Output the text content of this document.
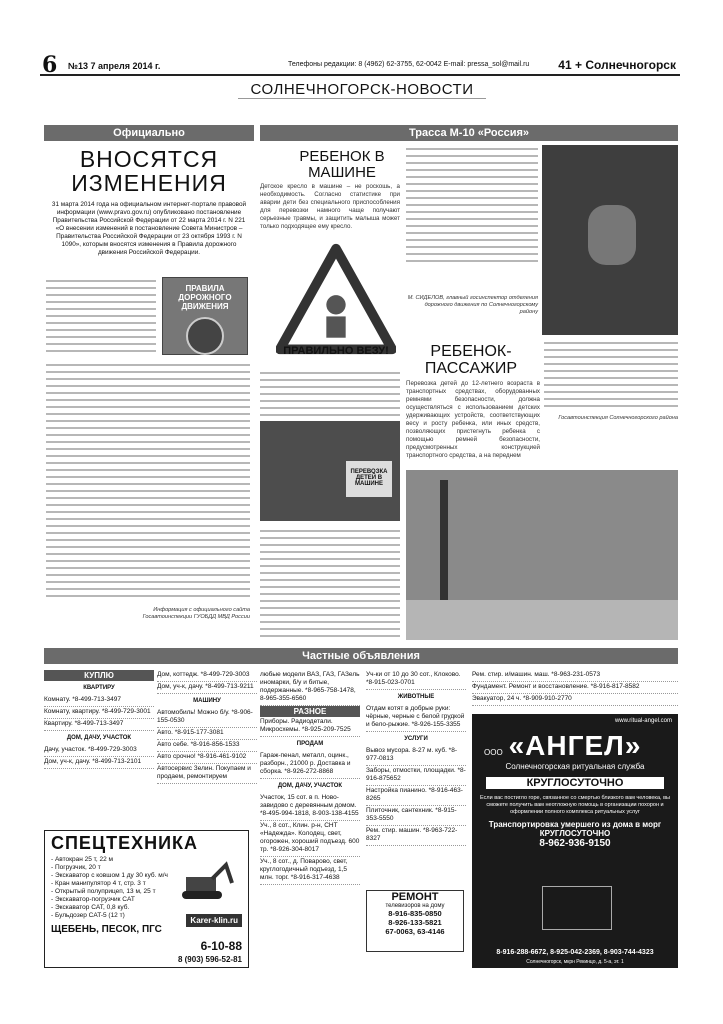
6 №13 7 апреля 2014 г.	Телефоны редакции: 8 (4962) 62-3755, 62-0042 E-mail: pressa_sol@mail.ru 41 + Солнечногорск
СОЛНЕЧНОГОРСК-НОВОСТИ
Официально
ВНОСЯТСЯ ИЗМЕНЕНИЯ
31 марта 2014 года на официальном интернет-портале правовой информации (www.pravo.gov.ru) опубликовано постановление Правительства Российской Федерации от 22 марта 2014 г. N 221 «О внесении изменений в постановление Совета Министров – Правительства Российской Федерации от 23 октября 1993 г. N 1090», которым вносятся изменения в Правила дорожного движения Российской Федерации.
ПРАВИЛА ДОРОЖНОГО ДВИЖЕНИЯ
Информация с официального сайта Госавтоинспекции ГУОБДД МВД России
Трасса М-10 «Россия»
РЕБЕНОК В МАШИНЕ
Детское кресло в машине – не роскошь, а необходимость. Согласно статистике при аварии дети без специального приспособления для перевозки намного чаще получают серьезные травмы, и защитить малыша может только подходящее ему кресло.
ПРАВИЛЬНО ВЕЗУ!
ПЕРЕВОЗКА ДЕТЕЙ В МАШИНЕ
М. СИДЕЛОВ, главный госинспектор отделения дорожного движения по Солнечногорскому району
РЕБЕНОК-ПАССАЖИР
Перевозка детей до 12-летнего возраста в транспортных средствах, оборудованных ремнями безопасности, должна осуществляться с использованием детских удерживающих устройств, соответствующих весу и росту ребенка, или иных средств, позволяющих пристегнуть ребенка с помощью ремней безопасности, предусмотренных конструкцией транспортного средства, а на переднем
Госавтоинспекция Солнечногорского района
Частные объявления
КУПЛЮ
КВАРТИРУ
Комнату. *8-499-713-3497
Комнату, квартиру. *8-499-729-3001
Квартиру. *8-499-713-3497
ДОМ, ДАЧУ, УЧАСТОК
Дачу, участок. *8-499-729-3003
Дом, уч-к, дачу. *8-499-713-2101
Дом, коттедж. *8-499-729-3003
Дом, уч-к, дачу. *8-499-713-9211
МАШИНУ
Автомобиль! Можно б/у. *8-906-155-0530
Авто. *8-915-177-3081
Авто себе. *8-916-856-1533
Авто срочно! *8-916-461-9102
Автосервис Зелин. Покупаем и продаем, ремонтируем
любые модели ВАЗ, ГАЗ, ГАЗель иномарки, б/у и битые, подержанные. *8-965-758-1478, 8-965-355-6560
РАЗНОЕ
Приборы. Радиодетали. Микросхемы. *8-925-209-7525
ПРОДАМ
Гараж-пенал, металл, оцинк., разборн., 21000 р. Доставка и сборка. *8-926-272-8868
ДОМ, ДАЧУ, УЧАСТОК
Участок, 15 сот. в п. Ново-завидово с деревянным домом. *8-495-994-1818, 8-903-138-4155
Уч., 8 сот., Клин. р-н, СНТ «Надежда». Колодец, свет, огорожен, хороший подъезд. 600 тр. *8-926-304-8017
Уч., 8 сот., д. Поварово, свет, круглогодичный подъезд, 1,5 млн. торг. *8-916-317-4638
Уч-ки от 10 до 30 сот., Клоково. *8-915-023-0701
ЖИВОТНЫЕ
Отдам котят в добрые руки: чёрные, черные с белой грудкой и бело-рыжие. *8-926-155-3355
УСЛУГИ
Вывоз мусора. 8-27 м. куб. *8-977-0813
Заборы, отмостки, площадки. *8-916-875652
Настройка пианино. *8-916-463-8265
Плиточник, сантехник. *8-915-353-5550
Рем. стир. машин. *8-963-722-8327
Рем. стир. и/машин. маш. *8-963-231-0573
Фундамент. Ремонт и восстановление. *8-916-817-8582
Эвакуатор, 24 ч. *8-909-910-2770
СПЕЦТЕХНИКА
- Автокран 25 т, 22 м
- Погрузчик, 20 т
- Экскаватор с ковшом 1 ду 30 куб. м/ч
- Кран манипулятор 4 т, стр. 3 т
- Открытый полуприцеп, 13 м, 25 т
- Экскаватор-погрузчик CAT
- Экскаватор CAT, 0,8 куб.
- Бульдозер CAT-5 (12 т)
ЩЕБЕНЬ, ПЕСОК, ПГС
Karer-klin.ru
6-10-88
8 (903) 596-52-81
РЕМОНТ
телевизоров на дому
8-916-835-0850
8-926-133-5821
67-0063, 63-4146
www.ritual-angel.com
ООО «АНГЕЛ»
Солнечногорская ритуальная служба
КРУГЛОСУТОЧНО
Если вас постигло горе, связанное со смертью близкого вам человека, вы сможете получить вам неотложную помощь в организации похорон и оформлении полного комплекса ритуальных услуг
Транспортировка умершего из дома в морг КРУГЛОСУТОЧНО
8-962-936-9150
8-916-288-6672, 8-925-042-2369, 8-903-744-4323
Солнечногорск, мкрн Рекинцо, д. 5-а, эт. 1
